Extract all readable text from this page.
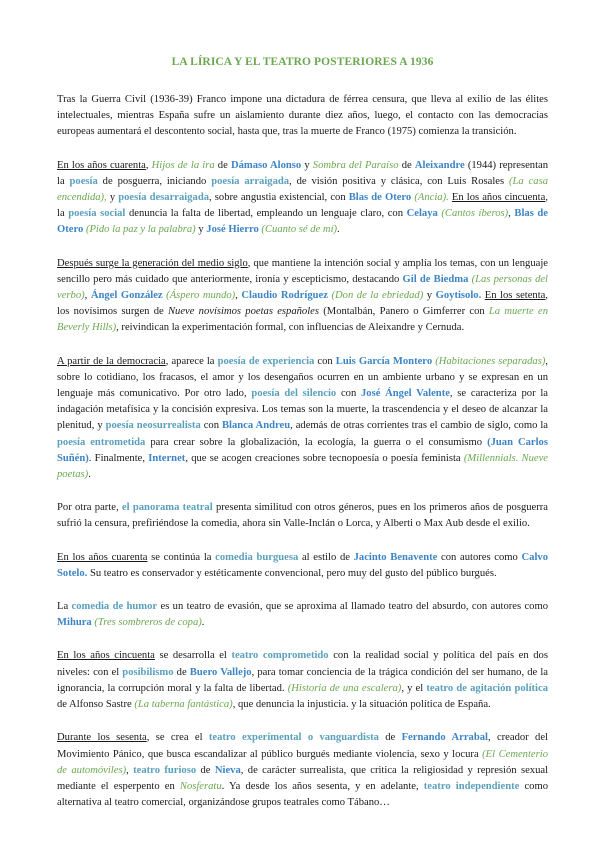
LA LÍRICA Y EL TEATRO POSTERIORES A 1936

Tras la Guerra Civil (1936-39) Franco impone una dictadura de férrea censura, que lleva al exilio de las élites intelectuales, mientras España sufre un aislamiento durante diez años, luego, el contacto con las democracias europeas aumentará el descontento social, hasta que, tras la muerte de Franco (1975) comienza la transición.

En los años cuarenta, Hijos de la ira de Dámaso Alonso y Sombra del Paraíso de Aleixandre (1944) representan la poesía de posguerra, iniciando poesía arraigada, de visión positiva y clásica, con Luis Rosales (La casa encendida), y poesía desarraigada, sobre angustia existencial, con Blas de Otero (Ancia). En los años cincuenta, la poesía social denuncia la falta de libertad, empleando un lenguaje claro, con Celaya (Cantos íberos), Blas de Otero (Pido la paz y la palabra) y José Hierro (Cuanto sé de mí).

Después surge la generación del medio siglo, que mantiene la intención social y amplía los temas, con un lenguaje sencillo pero más cuidado que anteriormente, ironía y escepticismo, destacando Gil de Biedma (Las personas del verbo), Ángel González (Áspero mundo), Claudio Rodríguez (Don de la ebriedad) y Goytisolo. En los setenta, los novísimos surgen de Nueve novísimos poetas españoles (Montalbán, Panero o Gimferrer con La muerte en Beverly Hills), reivindican la experimentación formal, con influencias de Aleixandre y Cernuda.

A partir de la democracia, aparece la poesía de experiencia con Luis García Montero (Habitaciones separadas), sobre lo cotidiano, los fracasos, el amor y los desengaños ocurren en un ambiente urbano y se expresan en un lenguaje más comunicativo. Por otro lado, poesía del silencio con José Ángel Valente, se caracteriza por la indagación metafísica y la concisión expresiva. Los temas son la muerte, la trascendencia y el deseo de alcanzar la plenitud, y poesía neosurrealista con Blanca Andreu, además de otras corrientes tras el cambio de siglo, como la poesía entrometida para crear sobre la globalización, la ecología, la guerra o el consumismo (Juan Carlos Suñén). Finalmente, Internet, que se acogen creaciones sobre tecnopoesía o poesía feminista (Millennials. Nueve poetas).

Por otra parte, el panorama teatral presenta similitud con otros géneros, pues en los primeros años de posguerra sufrió la censura, prefiriéndose la comedia, ahora sin Valle-Inclán o Lorca, y Alberti o Max Aub desde el exilio.

En los años cuarenta se continúa la comedia burguesa al estilo de Jacinto Benavente con autores como Calvo Sotelo. Su teatro es conservador y estéticamente convencional, pero muy del gusto del público burgués.

La comedia de humor es un teatro de evasión, que se aproxima al llamado teatro del absurdo, con autores como Mihura (Tres sombreros de copa).

En los años cincuenta se desarrolla el teatro comprometido con la realidad social y política del país en dos niveles: con el posibilismo de Buero Vallejo, para tomar conciencia de la trágica condición del ser humano, de la ignorancia, la corrupción moral y la falta de libertad. (Historia de una escalera), y el teatro de agitación política de Alfonso Sastre (La taberna fantástica), que denuncia la injusticia. y la situación política de España.

Durante los sesenta, se crea el teatro experimental o vanguardista de Fernando Arrabal, creador del Movimiento Pánico, que busca escandalizar al público burgués mediante violencia, sexo y locura (El Cementerio de automóviles), teatro furioso de Nieva, de carácter surrealista, que critica la religiosidad y represión sexual mediante el esperpento en Nosferatu. Ya desde los años sesenta, y en adelante, teatro independiente como alternativa al teatro comercial, organizándose grupos teatrales como Tábano…
